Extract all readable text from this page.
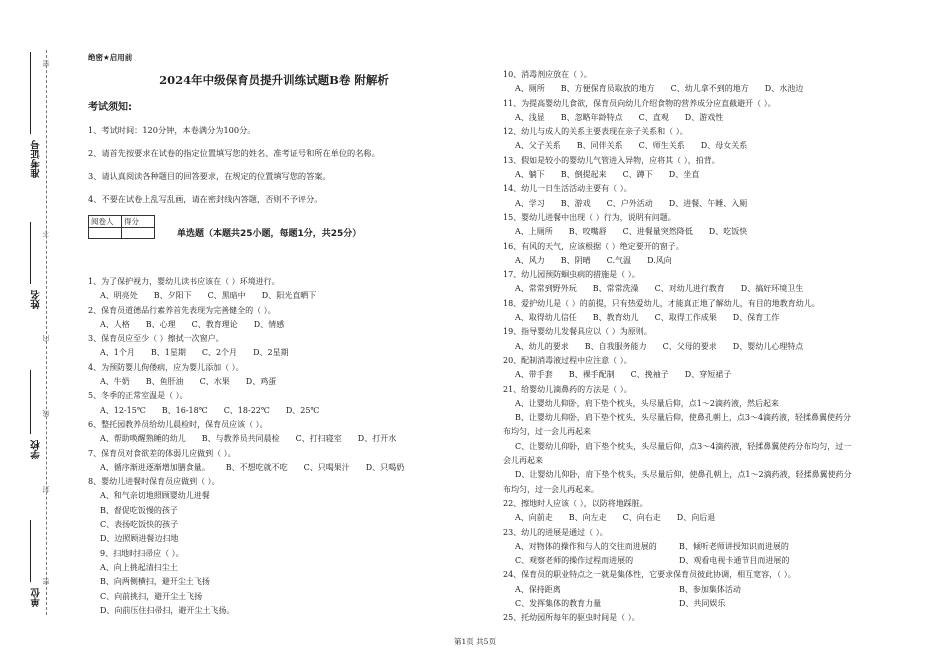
准考证号
姓名
学校
单位
密
不
内
线
封
密
绝密★启用前
2024年中级保育员提升训练试题B卷 附解析
考试须知:
1、考试时间：120分钟，本卷满分为100分。
2、请首先按要求在试卷的指定位置填写您的姓名、准考证号和所在单位的名称。
3、请认真阅读各种题目的回答要求，在规定的位置填写您的答案。
4、不要在试卷上乱写乱画，请在密封线内答题，否则不予评分。
阅卷人	得分

单选题（本题共25小题，每题1分，共25分）
1、为了保护视力，婴幼儿读书应该在（ ）环境进行。
A、明亮处 B、夕阳下 C、黑暗中 D、阳光直晒下
2、保育员道德品行素养首先表现为完善健全的（ ）。
A、人格 B、心理 C、教育理论 D、情感
3、保育员应至少（ ）擦拭一次窗户。
A、1个月 B、1星期 C、2个月 D、2星期
4、为预防婴儿佝偻病，应为婴儿添加（ ）。
A、牛奶 B、鱼肝油 C、水果 D、鸡蛋
5、冬季的正常室温是（ ）。
A、12-15℃ B、16-18℃ C、18-22℃ D、25℃
6、整托园教养员给幼儿晨检时，保育员应该（ ）。
A、帮助唤醒熟睡的幼儿 B、与教养员共同晨检 C、打扫寝室 D、打开水
7、保育员对食欲差的体弱儿应做到（ ）。
A、循序渐进逐渐增加膳食量。 B、不想吃就不吃 C、只喝果汁 D、只喝奶
8、婴幼儿进餐时保育员应做到（ ）。
A、和气亲切地照顾婴幼儿进餐
B、督促吃饭慢的孩子
C、表扬吃饭快的孩子
D、边照顾进餐边扫地
9、扫地时扫帚应（ ）。
A、向上挑起清扫尘土
B、向两侧横扫，避开尘土飞扬
C、向前挑扫，避开尘土飞扬
D、向前压住扫帚扫，避开尘土飞扬。
10、消毒剂应放在（ ）。
A、厕所 B、方便保育员取放的地方 C、幼儿拿不到的地方 D、水池边
11、为提高婴幼儿食欲，保育员向幼儿介绍食物的营养成分应直截避开（ ）。
A、浅显 B、忽略年龄特点 C、直观 D、游戏性
12、幼儿与成人的关系主要表现在亲子关系和（ ）。
A、父子关系 B、同伴关系 C、师生关系 D、母女关系
13、假如是较小的婴幼儿气管进入异物，应将其（ ），拍背。
A、躺下 B、倒提起来 C、蹲下 D、坐直
14、幼儿一日生活活动主要有（ ）。
A、学习 B、游戏 C、户外活动 D、进餐、午睡、入厕
15、婴幼儿进餐中出现（ ）行为，说明有问题。
A、上厕所 B、咬嘴唇 C、进餐量突然降低 D、吃饭快
16、有风的天气，应该根据（ ）绝定要开的窗子。
A、风力 B、阴晴 C.气温 D.风向
17、幼儿园预防蛔虫病的措施是（ ）。
A、常常到野外玩 B、常常洗澡 C、对幼儿进行教育 D、搞好环境卫生
18、爱护幼儿是（ ）的前提，只有热爱幼儿，才能真正地了解幼儿，有目的地教育幼儿。
A、取得幼儿信任 B、教育幼儿 C、取得工作成果 D、保育工作
19、指导婴幼儿发餐具应以（ ）为原则。
A、幼儿的要求 B、自我服务能力 C、父母的要求 D、婴幼儿心理特点
20、配制消毒液过程中应注意（ ）。
A、带手套 B、裸手配制 C、挽袖子 D、穿短裙子
21、给婴幼儿滴鼻药的方法是（ ）。
A、让婴幼儿仰卧，肩下垫个枕头，头尽量后仰，点1～2滴药液，然后起来
B、让婴幼儿仰卧，肩下垫个枕头，头尽量后仰，使鼻孔朝上，点3～4滴药液，轻揉鼻翼使药分布均匀，过一会儿再起来
C、让婴幼儿仰卧，肩下垫个枕头，头尽量后仰，点3～4滴药液，轻揉鼻翼使药分布均匀，过一会儿再起来
D、让婴幼儿仰卧，肩下垫个枕头，头尽量后仰，使鼻孔朝上，点1～2滴药液，轻揉鼻翼使药分布均匀，过一会儿再起来。
22、擦地时人应该（ ），以防将地踩脏。
A、向前走 B、向左走 C、向右走 D、向后退
23、幼儿的进展是通过（ ）。
A、对物体的操作和与人的交往而进展的	B、倾听老师讲授知识而进展的
C、观察老师的操作过程而进展的	D、观看电视卡通节目而进展的
24、保育员的职业特点之一就是集体性，它要求保育员彼此协调，相互宽容，（ ）。
A、保持距离	B、参加集体活动
C、发挥集体的教育力量	D、共同娱乐
25、托幼园所每年的驱虫时间是（ ）。
第1页 共5页
